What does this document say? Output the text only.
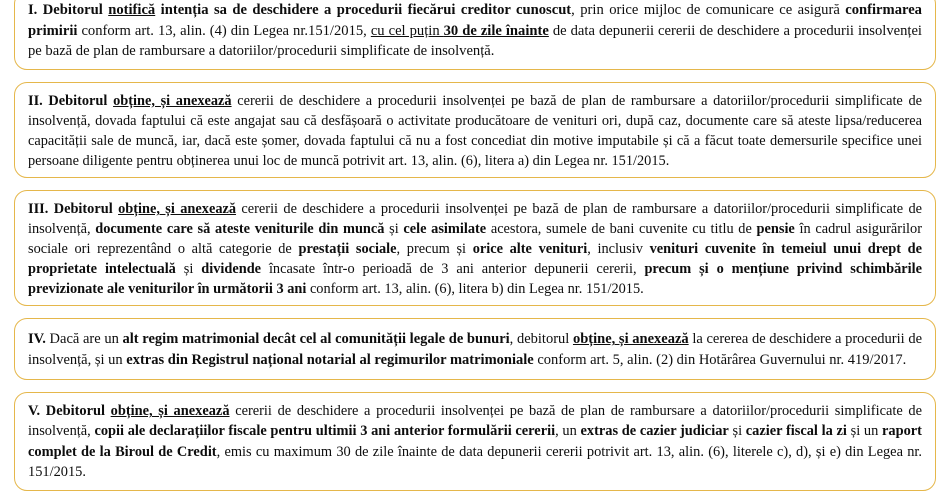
I. Debitorul notifică intenția sa de deschidere a procedurii fiecărui creditor cunoscut, prin orice mijloc de comunicare ce asigură confirmarea primirii conform art. 13, alin. (4) din Legea nr.151/2015, cu cel puțin 30 de zile înainte de data depunerii cererii de deschidere a procedurii insolvenței pe bază de plan de rambursare a datoriilor/procedurii simplificate de insolvență.

II. Debitorul obține, și anexează cererii de deschidere a procedurii insolvenței pe bază de plan de rambursare a datoriilor/procedurii simplificate de insolvență, dovada faptului că este angajat sau că desfășoară o activitate producătoare de venituri ori, după caz, documente care să ateste lipsa/reducerea capacității sale de muncă, iar, dacă este șomer, dovada faptului că nu a fost concediat din motive imputabile și că a făcut toate demersurile specifice unei persoane diligente pentru obținerea unui loc de muncă potrivit art. 13, alin. (6), litera a) din Legea nr. 151/2015.

III. Debitorul obține, și anexează cererii de deschidere a procedurii insolvenței pe bază de plan de rambursare a datoriilor/procedurii simplificate de insolvență, documente care să ateste veniturile din muncă și cele asimilate acestora, sumele de bani cuvenite cu titlu de pensie în cadrul asigurărilor sociale ori reprezentând o altă categorie de prestații sociale, precum și orice alte venituri, inclusiv venituri cuvenite în temeiul unui drept de proprietate intelectuală și dividende încasate într-o perioadă de 3 ani anterior depunerii cererii, precum și o mențiune privind schimbările previzionate ale veniturilor în următorii 3 ani conform art. 13, alin. (6), litera b) din Legea nr. 151/2015.

IV. Dacă are un alt regim matrimonial decât cel al comunității legale de bunuri, debitorul obține, și anexează la cererea de deschidere a procedurii de insolvență, și un extras din Registrul național notarial al regimurilor matrimoniale conform art. 5, alin. (2) din Hotărârea Guvernului nr. 419/2017.

V. Debitorul obține, și anexează cererii de deschidere a procedurii insolvenței pe bază de plan de rambursare a datoriilor/procedurii simplificate de insolvență, copii ale declarațiilor fiscale pentru ultimii 3 ani anterior formulării cererii, un extras de cazier judiciar și cazier fiscal la zi și un raport complet de la Biroul de Credit, emis cu maximum 30 de zile înainte de data depunerii cererii potrivit art. 13, alin. (6), literele c), d), și e) din Legea nr. 151/2015.
